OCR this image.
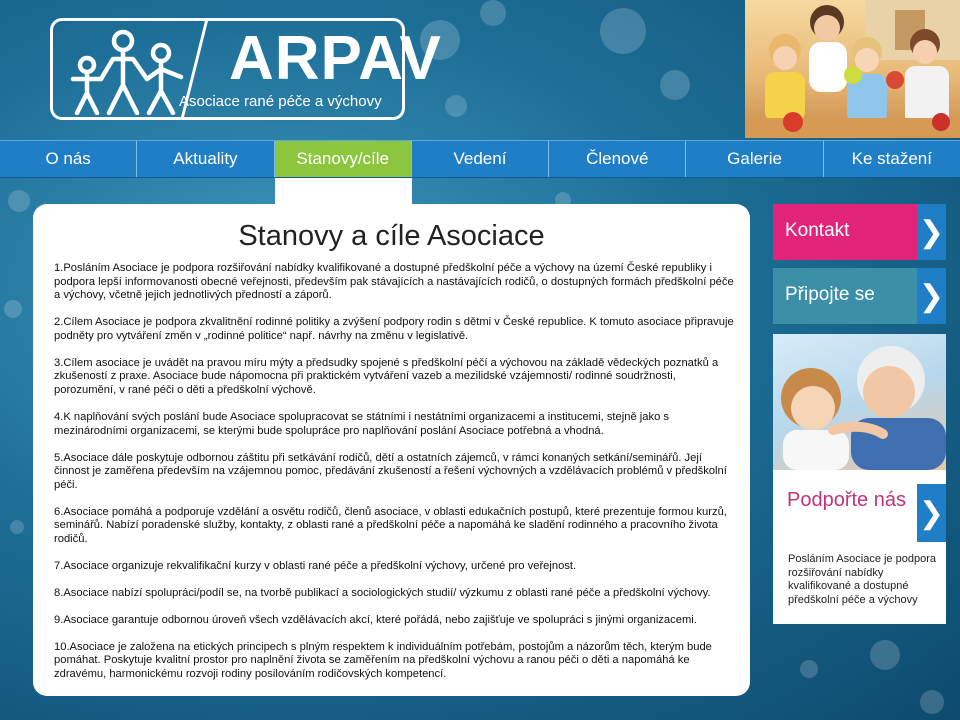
ARPAV
Asociace rané péče a výchovy
O nás	Aktuality	Stanovy/cíle	Vedení	Členové	Galerie	Ke stažení
Stanovy a cíle Asociace

1.Posláním Asociace je podpora rozšiřování nabídky kvalifikované a dostupné předškolní péče a výchovy na území České republiky i podpora lepší informovanosti obecné veřejnosti, především pak stávajících a nastávajících rodičů, o dostupných formách předškolní péče a výchovy, včetně jejich jednotlivých předností a záporů.

2.Cílem Asociace je podpora zkvalitnění rodinné politiky a zvýšení podpory rodin s dětmi v České republice. K tomuto asociace připravuje podněty pro vytváření změn v „rodinné politice“ např. návrhy na změnu v legislativě.

3.Cílem asociace je uvádět na pravou míru mýty a předsudky spojené s předškolní péčí a výchovou na základě vědeckých poznatků a zkušeností z praxe. Asociace bude nápomocna při praktickém vytváření vazeb a mezilidské vzájemnosti/ rodinné soudržnosti, porozumění, v rané péči o děti a předškolní výchově.

4.K naplňování svých poslání bude Asociace spolupracovat se státními i nestátními organizacemi a institucemi, stejně jako s mezinárodními organizacemi, se kterými bude spolupráce pro naplňování poslání Asociace potřebná a vhodná.

5.Asociace dále poskytuje odbornou záštitu při setkávání rodičů, dětí a ostatních zájemců, v rámci konaných setkání/seminářů. Její činnost je zaměřena především na vzájemnou pomoc, předávání zkušeností a řešení výchovných a vzdělávacích problémů v předškolní péči.

6.Asociace pomáhá a podporuje vzdělání a osvětu rodičů, členů asociace, v oblasti edukačních postupů, které prezentuje formou kurzů, seminářů. Nabízí poradenské služby, kontakty, z oblasti rané a předškolní péče a napomáhá ke sladění rodinného a pracovního života rodičů.

7.Asociace organizuje rekvalifikační kurzy v oblasti rané péče a předškolní výchovy, určené pro veřejnost.

8.Asociace nabízí spolupráci/podíl se, na tvorbě publikací a sociologických studií/ výzkumu z oblasti rané péče a předškolní výchovy.

9.Asociace garantuje odbornou úroveň všech vzdělávacích akcí, které pořádá, nebo zajišťuje ve spolupráci s jinými organizacemi.

10.Asociace je založena na etických principech s plným respektem k individuálním potřebám, postojům a názorům těch, kterým bude pomáhat. Poskytuje kvalitní prostor pro naplnění života se zaměřením na předškolní výchovu a ranou péči o děti a napomáhá ke zdravému, harmonickému rozvoji rodiny posilováním rodičovských kompetencí.

Kontakt	❯
Připojte se	❯
Podpořte nás ❯
Posláním Asociace je podpora rozšiřování nabídky kvalifikované a dostupné předškolní péče a výchovy
